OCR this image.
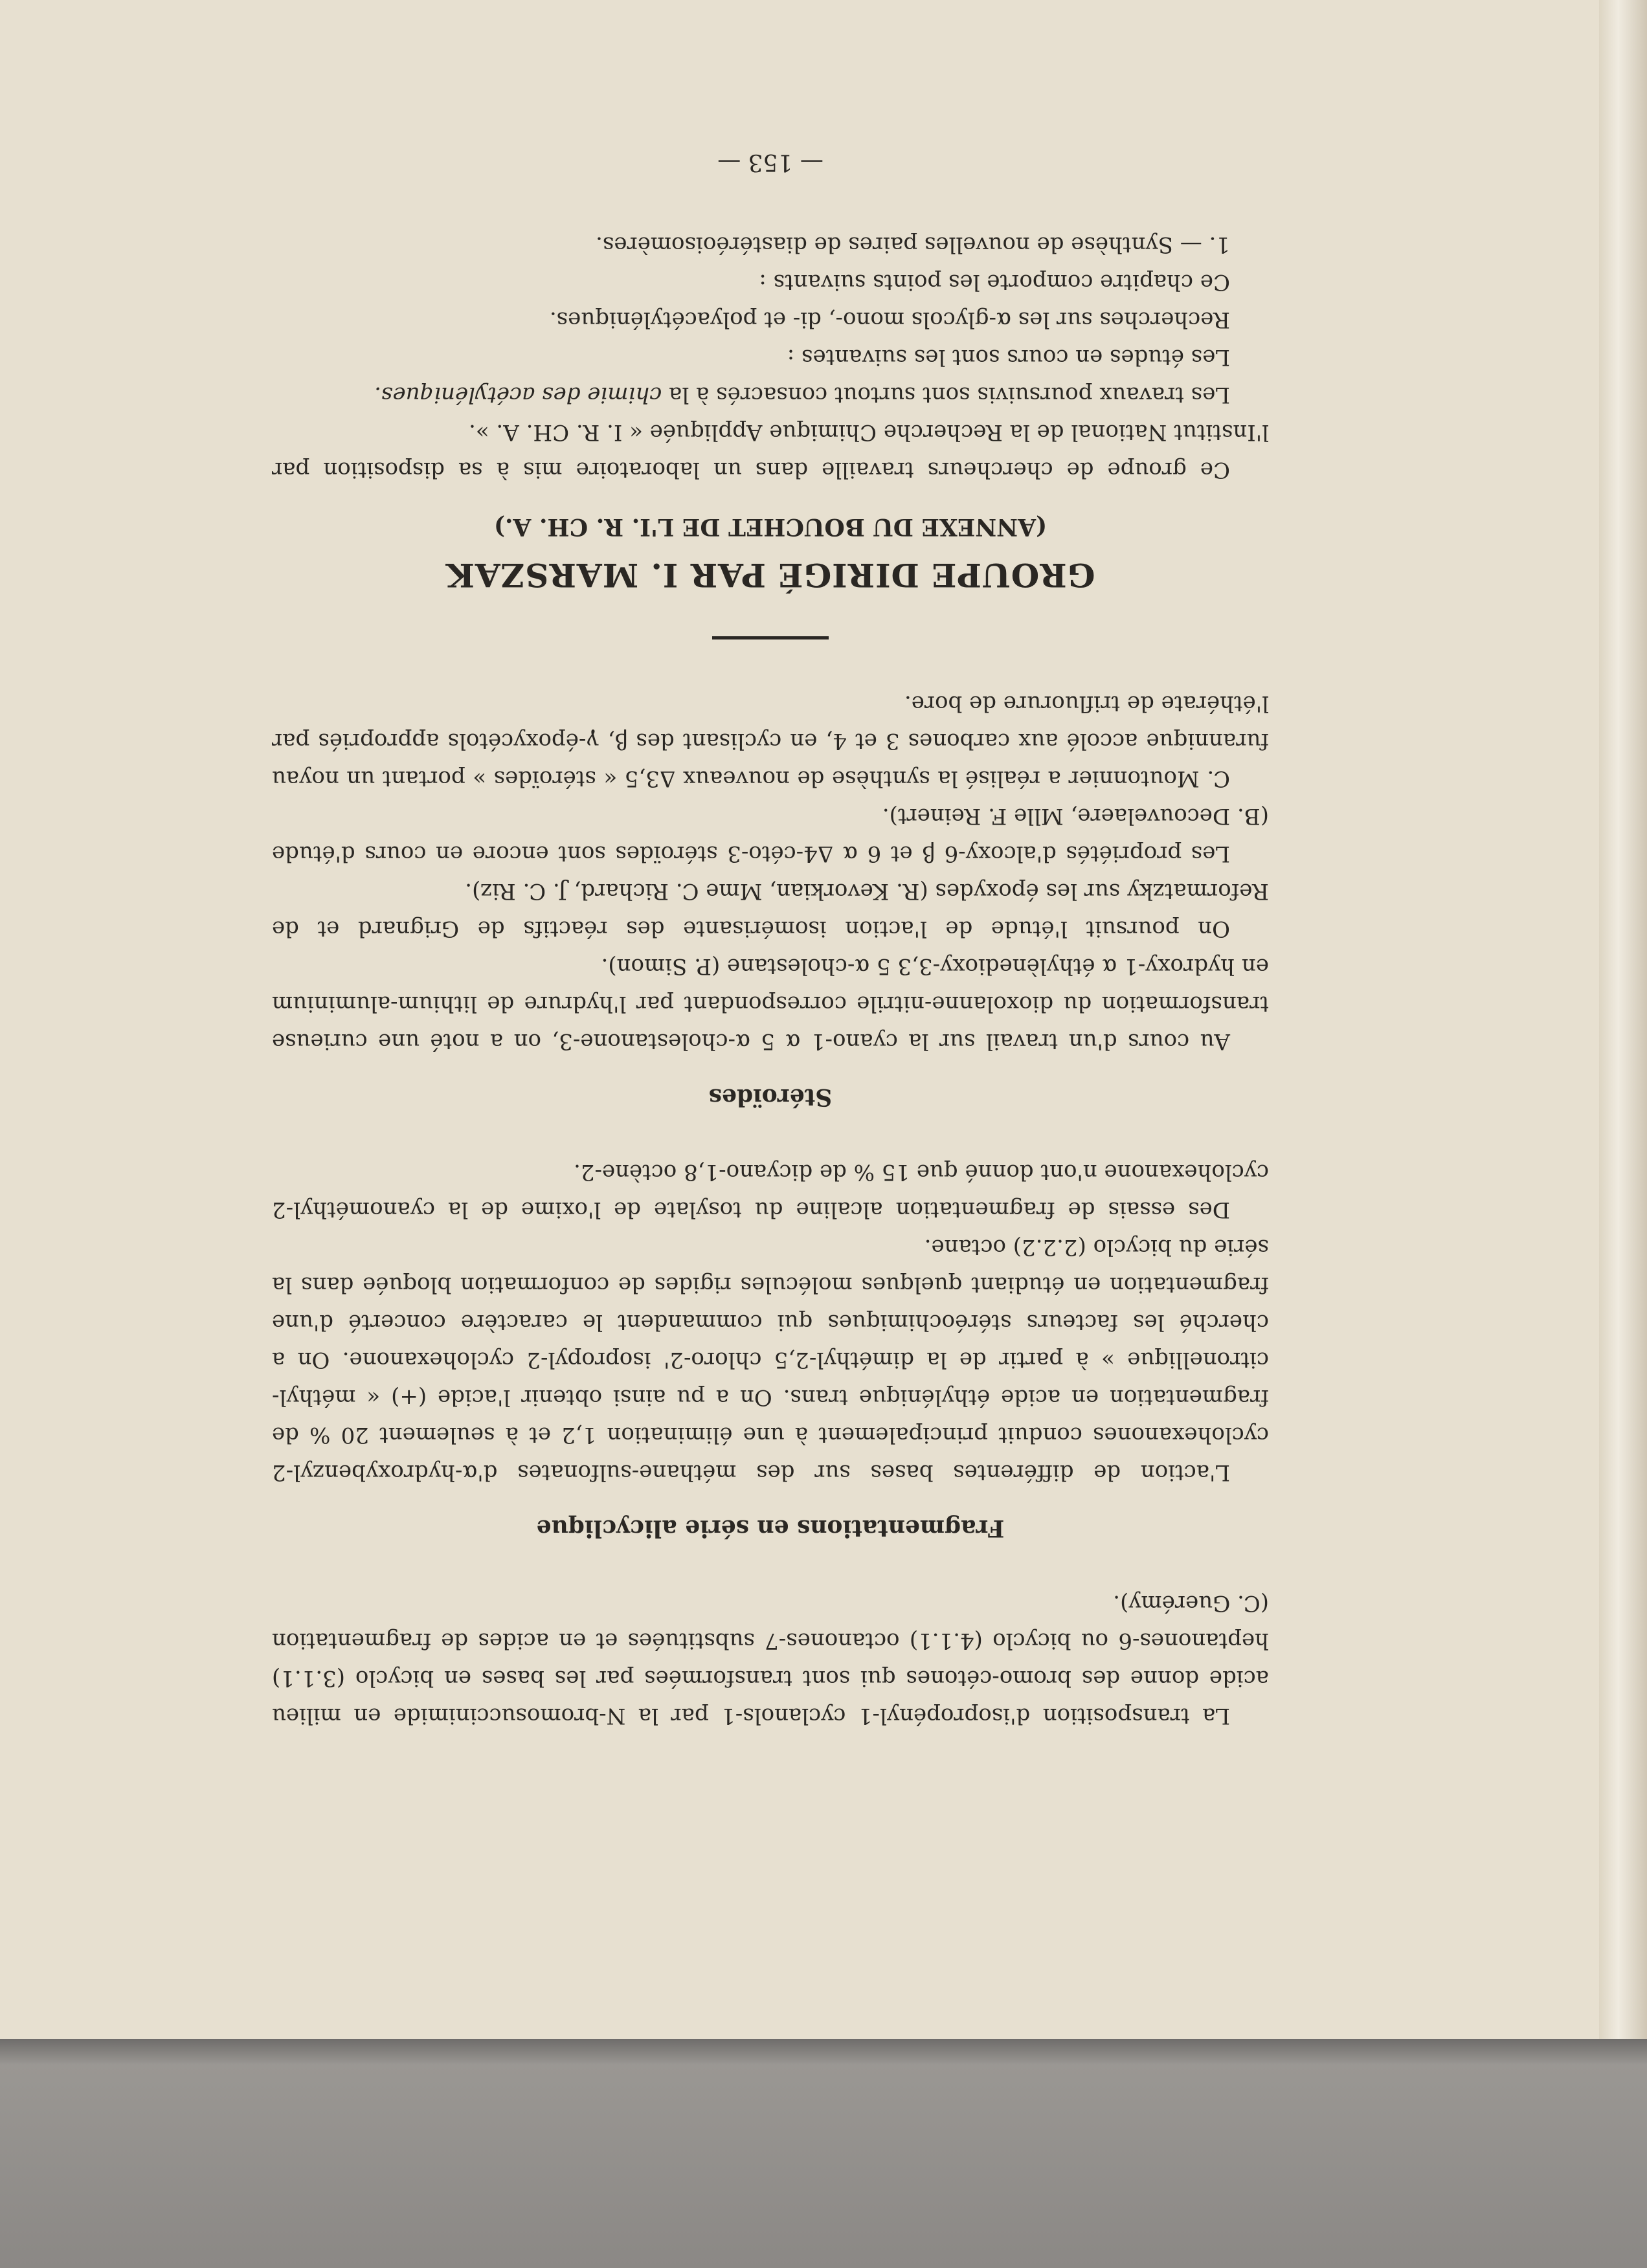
La transposition d'isopropényl-1 cyclanols-1 par la N-bromosuccinimide en milieu acide donne des bromo-cétones qui sont transformées par les bases en bicyclo (3.1.1) heptanones-6 ou bicyclo (4.1.1) octanones-7 substituées et en acides de fragmentation (C. Guerémy).

Fragmentations en série alicyclique

L'action de différentes bases sur des méthane-sulfonates d'α-hydroxybenzyl-2 cyclohexanones conduit principalement à une élimination 1,2 et à seulement 20 % de fragmentation en acide éthylénique trans. On a pu ainsi obtenir l'acide (+) « méthyl-citronellique » à partir de la diméthyl-2,5 chloro-2' isopropyl-2 cyclohexanone. On a cherché les facteurs stéréochimiques qui commandent le caractère concerté d'une fragmentation en étudiant quelques molécules rigides de conformation bloquée dans la série du bicyclo (2.2.2) octane.

Des essais de fragmentation alcaline du tosylate de l'oxime de la cyanométhyl-2 cyclohexanone n'ont donné que 15 % de dicyano-1,8 octène-2.

Stéroïdes

Au cours d'un travail sur la cyano-1 α 5 α-cholestanone-3, on a noté une curieuse transformation du dioxolanne-nitrile correspondant par l'hydrure de lithium-aluminium en hydroxy-1 α éthylènedioxy-3,3 5 α-cholestane (P. Simon).

On poursuit l'étude de l'action isomérisante des réactifs de Grignard et de Reformatzky sur les époxydes (R. Kevorkian, Mme C. Richard, J. C. Riz).

Les propriétés d'alcoxy-6 β et 6 α Δ4-céto-3 stéroïdes sont encore en cours d'étude (B. Decouvelaere, Mlle F. Reinert).

C. Moutonnier a réalisé la synthèse de nouveaux Δ3,5 « stéroïdes » portant un noyau furannique accolé aux carbones 3 et 4, en cyclisant des β, γ-époxycétols appropriés par l'éthérate de trifluorure de bore.

GROUPE DIRIGÉ PAR I. MARSZAK
(ANNEXE DU BOUCHET DE L'I. R. CH. A.)

Ce groupe de chercheurs travaille dans un laboratoire mis à sa disposition par l'Institut National de la Recherche Chimique Appliquée « I. R. CH. A. ».

Les travaux poursuivis sont surtout consacrés à la chimie des acétyléniques.

Les études en cours sont les suivantes :

Recherches sur les α-glycols mono-, di- et polyacétyléniques.

Ce chapitre comporte les points suivants :

1. — Synthèse de nouvelles paires de diastéréoisomères.

— 153 —
